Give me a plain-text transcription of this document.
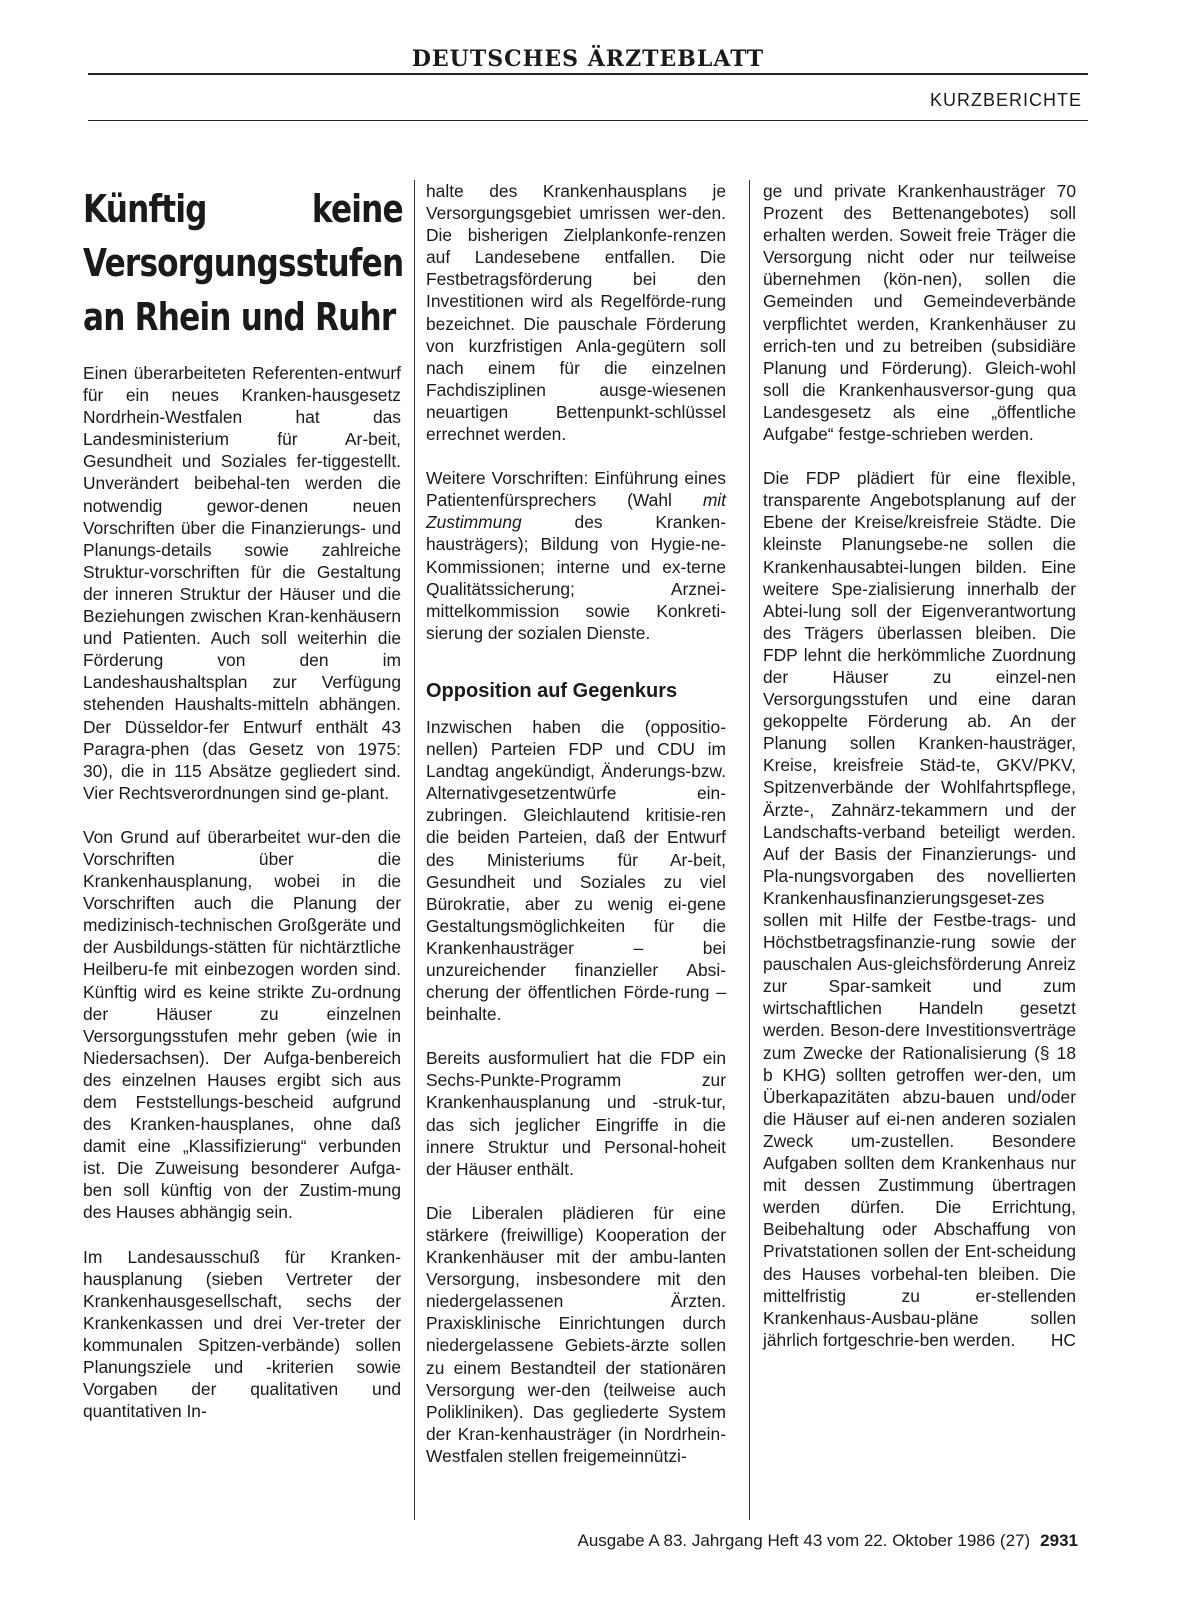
DEUTSCHES ÄRZTEBLATT
KURZBERICHTE
Künftig keine Versorgungsstufen an Rhein und Ruhr

Einen überarbeiteten Referenten-entwurf für ein neues Kranken-hausgesetz Nordrhein-Westfalen hat das Landesministerium für Ar-beit, Gesundheit und Soziales fer-tiggestellt. Unverändert beibehal-ten werden die notwendig gewor-denen neuen Vorschriften über die Finanzierungs- und Planungs-details sowie zahlreiche Struktur-vorschriften für die Gestaltung der inneren Struktur der Häuser und die Beziehungen zwischen Kran-kenhäusern und Patienten. Auch soll weiterhin die Förderung von den im Landeshaushaltsplan zur Verfügung stehenden Haushalts-mitteln abhängen. Der Düsseldor-fer Entwurf enthält 43 Paragra-phen (das Gesetz von 1975: 30), die in 115 Absätze gegliedert sind. Vier Rechtsverordnungen sind ge-plant.

Von Grund auf überarbeitet wur-den die Vorschriften über die Krankenhausplanung, wobei in die Vorschriften auch die Planung der medizinisch-technischen Großgeräte und der Ausbildungs-stätten für nichtärztliche Heilberu-fe mit einbezogen worden sind. Künftig wird es keine strikte Zu-ordnung der Häuser zu einzelnen Versorgungsstufen mehr geben (wie in Niedersachsen). Der Aufga-benbereich des einzelnen Hauses ergibt sich aus dem Feststellungs-bescheid aufgrund des Kranken-hausplanes, ohne daß damit eine „Klassifizierung“ verbunden ist. Die Zuweisung besonderer Aufga-ben soll künftig von der Zustim-mung des Hauses abhängig sein.

Im Landesausschuß für Kranken-hausplanung (sieben Vertreter der Krankenhausgesellschaft, sechs der Krankenkassen und drei Ver-treter der kommunalen Spitzen-verbände) sollen Planungsziele und -kriterien sowie Vorgaben der qualitativen und quantitativen In-

halte des Krankenhausplans je Versorgungsgebiet umrissen wer-den. Die bisherigen Zielplankonfe-renzen auf Landesebene entfallen. Die Festbetragsförderung bei den Investitionen wird als Regelförde-rung bezeichnet. Die pauschale Förderung von kurzfristigen Anla-gegütern soll nach einem für die einzelnen Fachdisziplinen ausge-wiesenen neuartigen Bettenpunkt-schlüssel errechnet werden.

Weitere Vorschriften: Einführung eines Patientenfürsprechers (Wahl mit Zustimmung des Kranken-hausträgers); Bildung von Hygie-ne-Kommissionen; interne und ex-terne Qualitätssicherung; Arznei-mittelkommission sowie Konkreti-sierung der sozialen Dienste.

Opposition auf Gegenkurs

Inzwischen haben die (oppositio-nellen) Parteien FDP und CDU im Landtag angekündigt, Änderungs-bzw. Alternativgesetzentwürfe ein-zubringen. Gleichlautend kritisie-ren die beiden Parteien, daß der Entwurf des Ministeriums für Ar-beit, Gesundheit und Soziales zu viel Bürokratie, aber zu wenig ei-gene Gestaltungsmöglichkeiten für die Krankenhausträger – bei unzureichender finanzieller Absi-cherung der öffentlichen Förde-rung – beinhalte.

Bereits ausformuliert hat die FDP ein Sechs-Punkte-Programm zur Krankenhausplanung und -struk-tur, das sich jeglicher Eingriffe in die innere Struktur und Personal-hoheit der Häuser enthält.

Die Liberalen plädieren für eine stärkere (freiwillige) Kooperation der Krankenhäuser mit der ambu-lanten Versorgung, insbesondere mit den niedergelassenen Ärzten. Praxisklinische Einrichtungen durch niedergelassene Gebiets-ärzte sollen zu einem Bestandteil der stationären Versorgung wer-den (teilweise auch Polikliniken). Das gegliederte System der Kran-kenhausträger (in Nordrhein-Westfalen stellen freigemeinnützi-

ge und private Krankenhausträger 70 Prozent des Bettenangebotes) soll erhalten werden. Soweit freie Träger die Versorgung nicht oder nur teilweise übernehmen (kön-nen), sollen die Gemeinden und Gemeindeverbände verpflichtet werden, Krankenhäuser zu errich-ten und zu betreiben (subsidiäre Planung und Förderung). Gleich-wohl soll die Krankenhausversor-gung qua Landesgesetz als eine „öffentliche Aufgabe“ festge-schrieben werden.

Die FDP plädiert für eine flexible, transparente Angebotsplanung auf der Ebene der Kreise/kreisfreie Städte. Die kleinste Planungsebe-ne sollen die Krankenhausabtei-lungen bilden. Eine weitere Spe-zialisierung innerhalb der Abtei-lung soll der Eigenverantwortung des Trägers überlassen bleiben. Die FDP lehnt die herkömmliche Zuordnung der Häuser zu einzel-nen Versorgungsstufen und eine daran gekoppelte Förderung ab. An der Planung sollen Kranken-hausträger, Kreise, kreisfreie Städ-te, GKV/PKV, Spitzenverbände der Wohlfahrtspflege, Ärzte-, Zahnärz-tekammern und der Landschafts-verband beteiligt werden. Auf der Basis der Finanzierungs- und Pla-nungsvorgaben des novellierten Krankenhausfinanzierungsgeset-zes sollen mit Hilfe der Festbe-trags- und Höchstbetragsfinanzie-rung sowie der pauschalen Aus-gleichsförderung Anreiz zur Spar-samkeit und zum wirtschaftlichen Handeln gesetzt werden. Beson-dere Investitionsverträge zum Zwecke der Rationalisierung (§ 18 b KHG) sollten getroffen wer-den, um Überkapazitäten abzu-bauen und/oder die Häuser auf ei-nen anderen sozialen Zweck um-zustellen. Besondere Aufgaben sollten dem Krankenhaus nur mit dessen Zustimmung übertragen werden dürfen. Die Errichtung, Beibehaltung oder Abschaffung von Privatstationen sollen der Ent-scheidung des Hauses vorbehal-ten bleiben. Die mittelfristig zu er-stellenden Krankenhaus-Ausbau-pläne sollen jährlich fortgeschrie-ben werden. HC

Ausgabe A 83. Jahrgang Heft 43 vom 22. Oktober 1986 (27) 2931
